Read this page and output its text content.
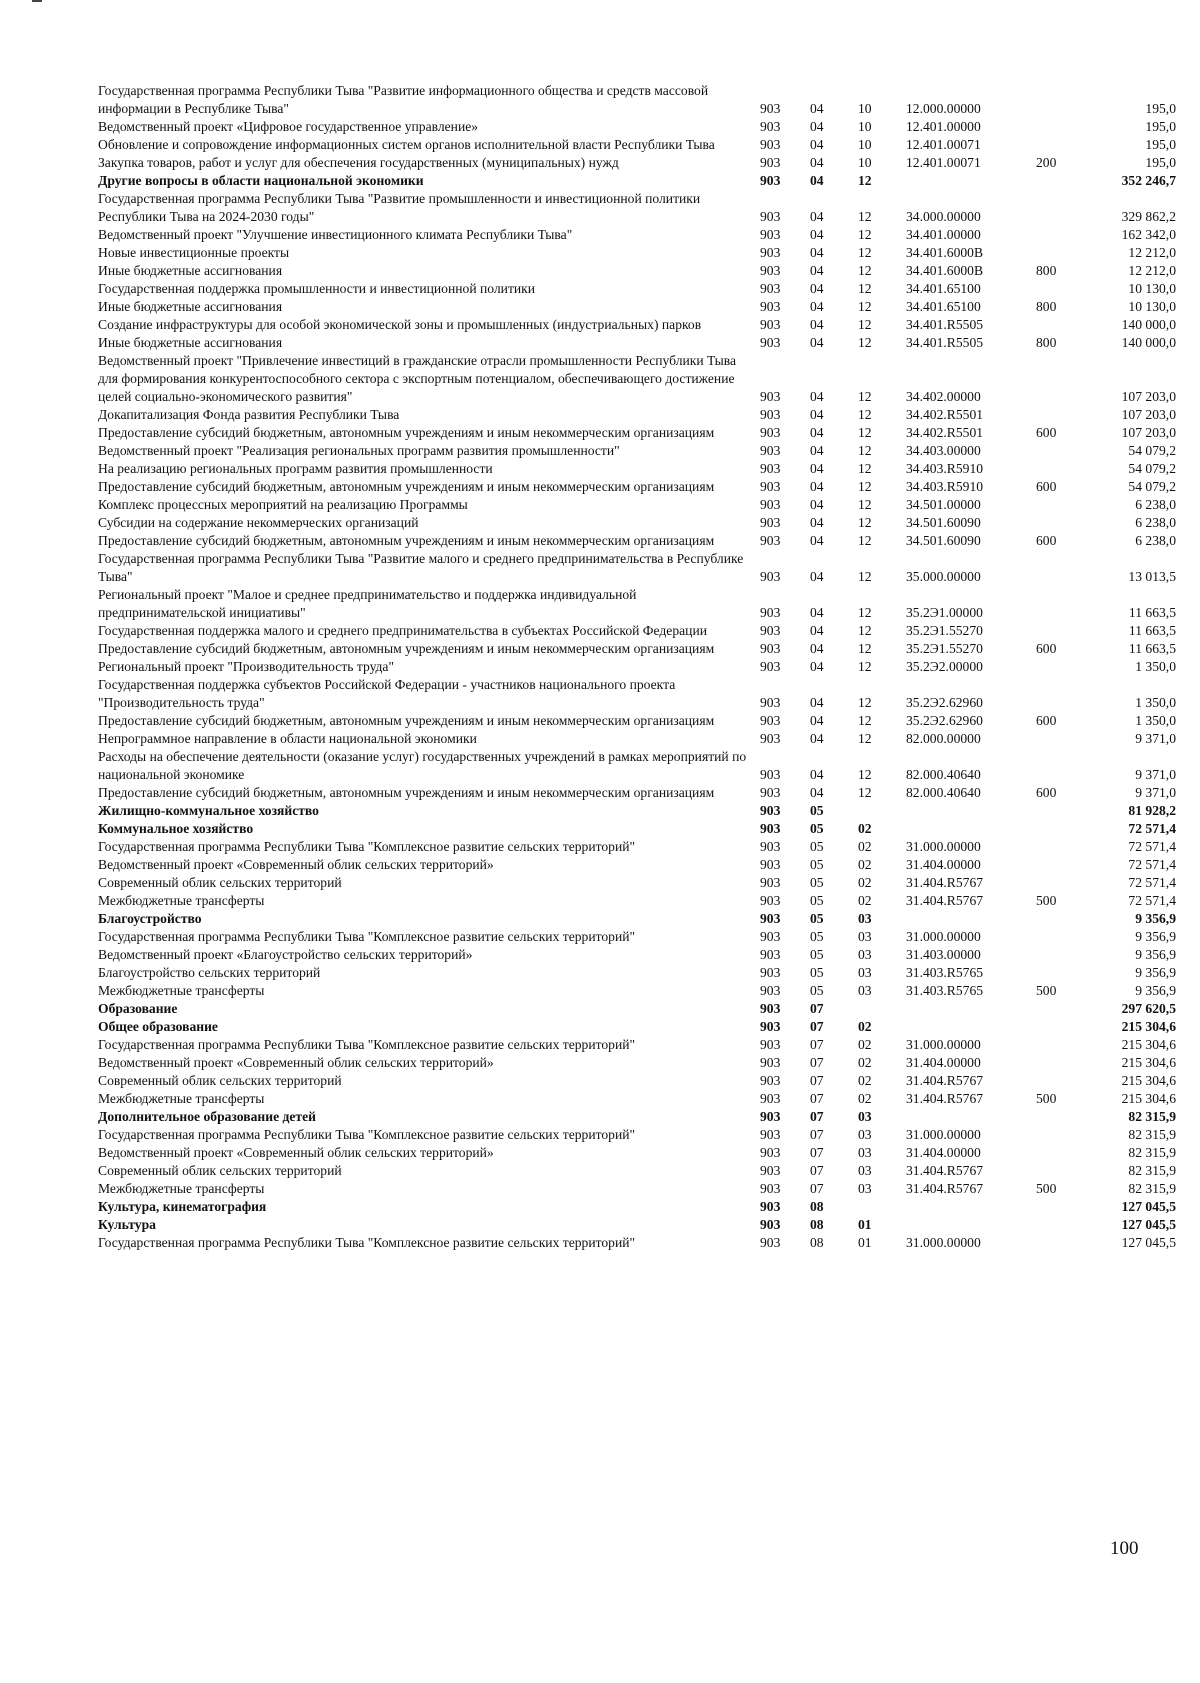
Государственная программа Республики Тыва "Развитие информационного общества и средств массовой информации в Республике Тыва"	903	04	10	12.000.00000		195,0
Ведомственный проект «Цифровое государственное управление»	903	04	10	12.401.00000		195,0
Обновление и сопровождение информационных систем органов исполнительной власти Республики Тыва	903	04	10	12.401.00071		195,0
Закупка товаров, работ и услуг для обеспечения государственных (муниципальных) нужд	903	04	10	12.401.00071	200	195,0
Другие вопросы в области национальной экономики	903	04	12			352 246,7
Государственная программа Республики Тыва "Развитие промышленности и инвестиционной политики Республики Тыва на 2024-2030 годы"	903	04	12	34.000.00000		329 862,2
Ведомственный проект "Улучшение инвестиционного климата Республики Тыва"	903	04	12	34.401.00000		162 342,0
Новые инвестиционные проекты	903	04	12	34.401.6000В		12 212,0
Иные бюджетные ассигнования	903	04	12	34.401.6000В	800	12 212,0
Государственная поддержка промышленности и инвестиционной политики	903	04	12	34.401.65100		10 130,0
Иные бюджетные ассигнования	903	04	12	34.401.65100	800	10 130,0
Создание инфраструктуры для особой экономической зоны и промышленных (индустриальных) парков	903	04	12	34.401.R5505		140 000,0
Иные бюджетные ассигнования	903	04	12	34.401.R5505	800	140 000,0
Ведомственный проект "Привлечение инвестиций в гражданские отрасли промышленности Республики Тыва для формирования конкурентоспособного сектора с экспортным потенциалом, обеспечивающего достижение целей социально-экономического развития"	903	04	12	34.402.00000		107 203,0
Докапитализация Фонда развития Республики Тыва	903	04	12	34.402.R5501		107 203,0
Предоставление субсидий бюджетным, автономным учреждениям и иным некоммерческим организациям	903	04	12	34.402.R5501	600	107 203,0
Ведомственный проект "Реализация региональных программ развития промышленности"	903	04	12	34.403.00000		54 079,2
На реализацию региональных программ развития промышленности	903	04	12	34.403.R5910		54 079,2
Предоставление субсидий бюджетным, автономным учреждениям и иным некоммерческим организациям	903	04	12	34.403.R5910	600	54 079,2
Комплекс процессных мероприятий на реализацию Программы	903	04	12	34.501.00000		6 238,0
Субсидии на содержание некоммерческих организаций	903	04	12	34.501.60090		6 238,0
Предоставление субсидий бюджетным, автономным учреждениям и иным некоммерческим организациям	903	04	12	34.501.60090	600	6 238,0
Государственная программа Республики Тыва "Развитие малого и среднего предпринимательства в Республике Тыва"	903	04	12	35.000.00000		13 013,5
Региональный проект "Малое и среднее предпринимательство и поддержка индивидуальной предпринимательской инициативы"	903	04	12	35.2Э1.00000		11 663,5
Государственная поддержка малого и среднего предпринимательства в субъектах Российской Федерации	903	04	12	35.2Э1.55270		11 663,5
Предоставление субсидий бюджетным, автономным учреждениям и иным некоммерческим организациям	903	04	12	35.2Э1.55270	600	11 663,5
Региональный проект "Производительность труда"	903	04	12	35.2Э2.00000		1 350,0
Государственная поддержка субъектов Российской Федерации - участников национального проекта "Производительность труда"	903	04	12	35.2Э2.62960		1 350,0
Предоставление субсидий бюджетным, автономным учреждениям и иным некоммерческим организациям	903	04	12	35.2Э2.62960	600	1 350,0
Непрограммное направление в области национальной экономики	903	04	12	82.000.00000		9 371,0
Расходы на обеспечение деятельности (оказание услуг) государственных учреждений в рамках мероприятий по национальной экономике	903	04	12	82.000.40640		9 371,0
Предоставление субсидий бюджетным, автономным учреждениям и иным некоммерческим организациям	903	04	12	82.000.40640	600	9 371,0
Жилищно-коммунальное хозяйство	903	05				81 928,2
Коммунальное хозяйство	903	05	02			72 571,4
Государственная программа Республики Тыва "Комплексное развитие сельских территорий"	903	05	02	31.000.00000		72 571,4
Ведомственный проект «Современный облик сельских территорий»	903	05	02	31.404.00000		72 571,4
Современный облик сельских территорий	903	05	02	31.404.R5767		72 571,4
Межбюджетные трансферты	903	05	02	31.404.R5767	500	72 571,4
Благоустройство	903	05	03			9 356,9
Государственная программа Республики Тыва "Комплексное развитие сельских территорий"	903	05	03	31.000.00000		9 356,9
Ведомственный проект «Благоустройство сельских территорий»	903	05	03	31.403.00000		9 356,9
Благоустройство сельских территорий	903	05	03	31.403.R5765		9 356,9
Межбюджетные трансферты	903	05	03	31.403.R5765	500	9 356,9
Образование	903	07				297 620,5
Общее образование	903	07	02			215 304,6
Государственная программа Республики Тыва "Комплексное развитие сельских территорий"	903	07	02	31.000.00000		215 304,6
Ведомственный проект «Современный облик сельских территорий»	903	07	02	31.404.00000		215 304,6
Современный облик сельских территорий	903	07	02	31.404.R5767		215 304,6
Межбюджетные трансферты	903	07	02	31.404.R5767	500	215 304,6
Дополнительное образование детей	903	07	03			82 315,9
Государственная программа Республики Тыва "Комплексное развитие сельских территорий"	903	07	03	31.000.00000		82 315,9
Ведомственный проект «Современный облик сельских территорий»	903	07	03	31.404.00000		82 315,9
Современный облик сельских территорий	903	07	03	31.404.R5767		82 315,9
Межбюджетные трансферты	903	07	03	31.404.R5767	500	82 315,9
Культура, кинематография	903	08				127 045,5
Культура	903	08	01			127 045,5
Государственная программа Республики Тыва "Комплексное развитие сельских территорий"	903	08	01	31.000.00000		127 045,5
100
